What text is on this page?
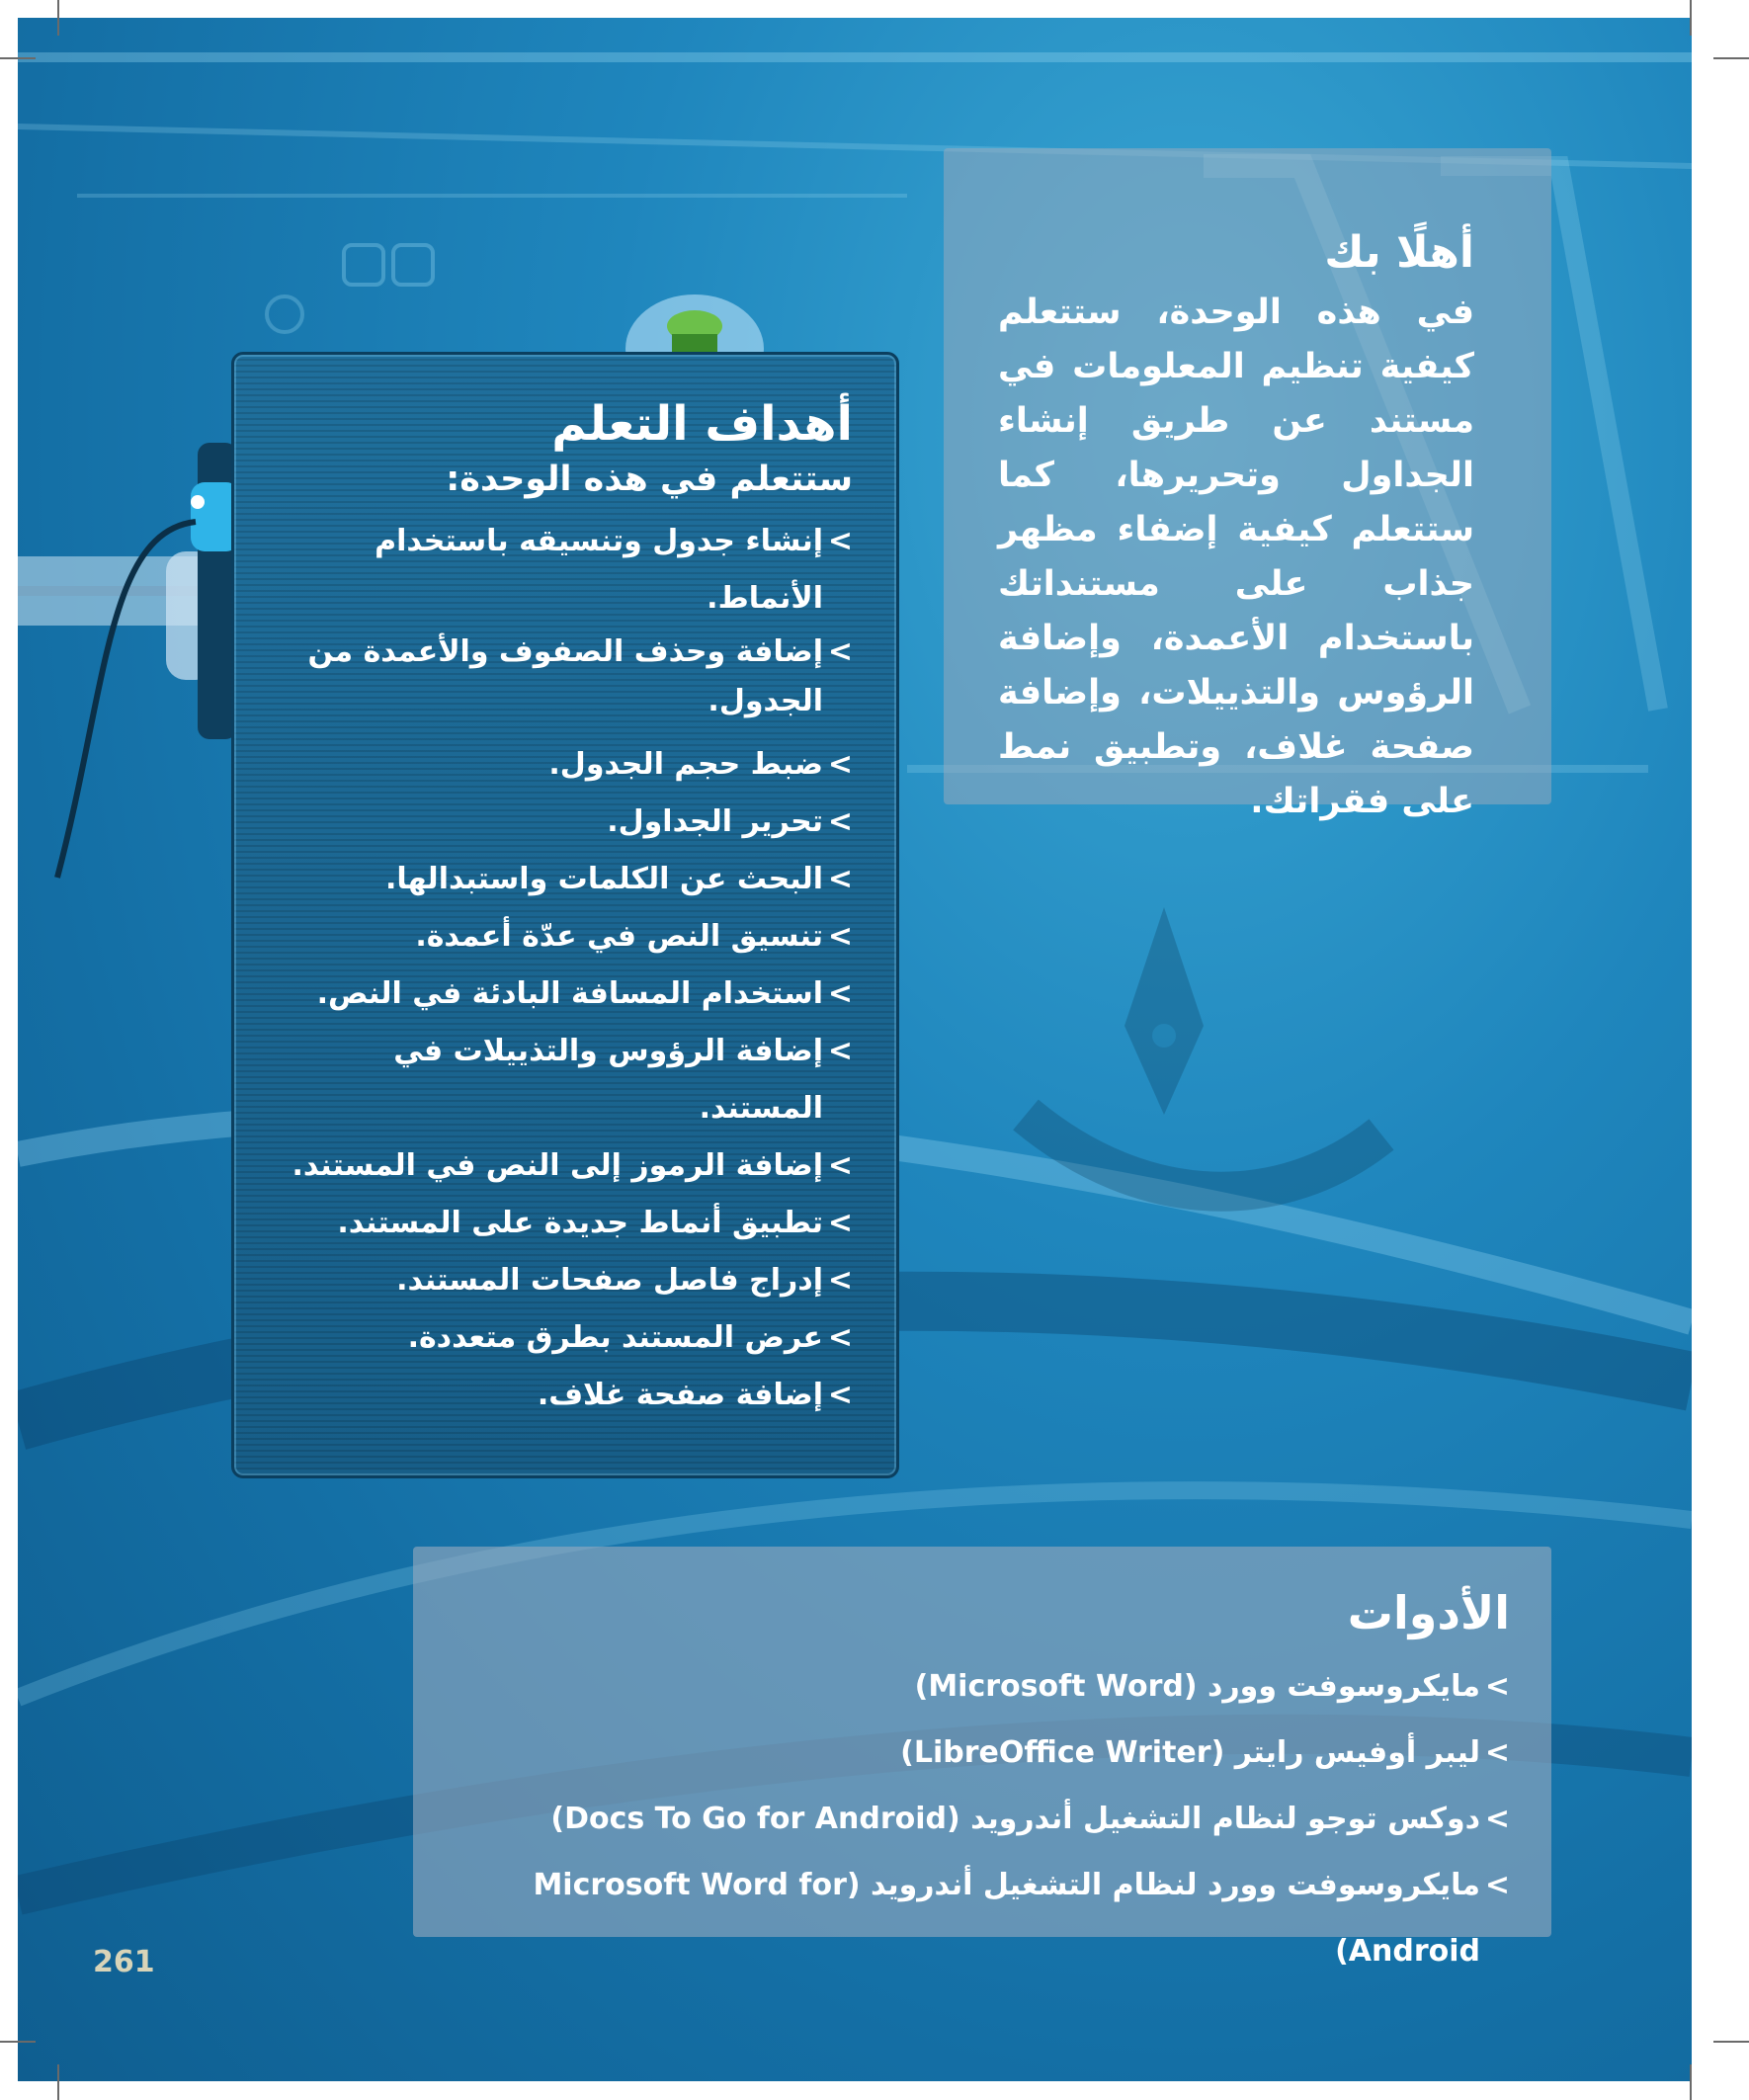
أهلًا بك
في هذه الوحدة، ستتعلم كيفية تنظيم المعلومات في مستند عن طريق إنشاء الجداول وتحريرها، كما ستتعلم كيفية إضفاء مظهر جذاب على مستنداتك باستخدام الأعمدة، وإضافة الرؤوس والتذييلات، وإضافة صفحة غلاف، وتطبيق نمط على فقراتك.
أهداف التعلم
ستتعلم في هذه الوحدة:
>
إنشاء جدول وتنسيقه باستخدام الأنماط.
>
إضافة وحذف الصفوف والأعمدة من الجدول.
>
ضبط حجم الجدول.
>
تحرير الجداول.
>
البحث عن الكلمات واستبدالها.
>
تنسيق النص في عدّة أعمدة.
>
استخدام المسافة البادئة في النص.
>
إضافة الرؤوس والتذييلات في المستند.
>
إضافة الرموز إلى النص في المستند.
>
تطبيق أنماط جديدة على المستند.
>
إدراج فاصل صفحات المستند.
>
عرض المستند بطرق متعددة.
>
إضافة صفحة غلاف.
الأدوات
>
مايكروسوفت وورد (Microsoft Word)
>
ليبر أوفيس رايتر (LibreOffice Writer)
>
دوكس توجو لنظام التشغيل أندرويد (Docs To Go for Android)
>
مايكروسوفت وورد لنظام التشغيل أندرويد (Microsoft Word for Android)
261
